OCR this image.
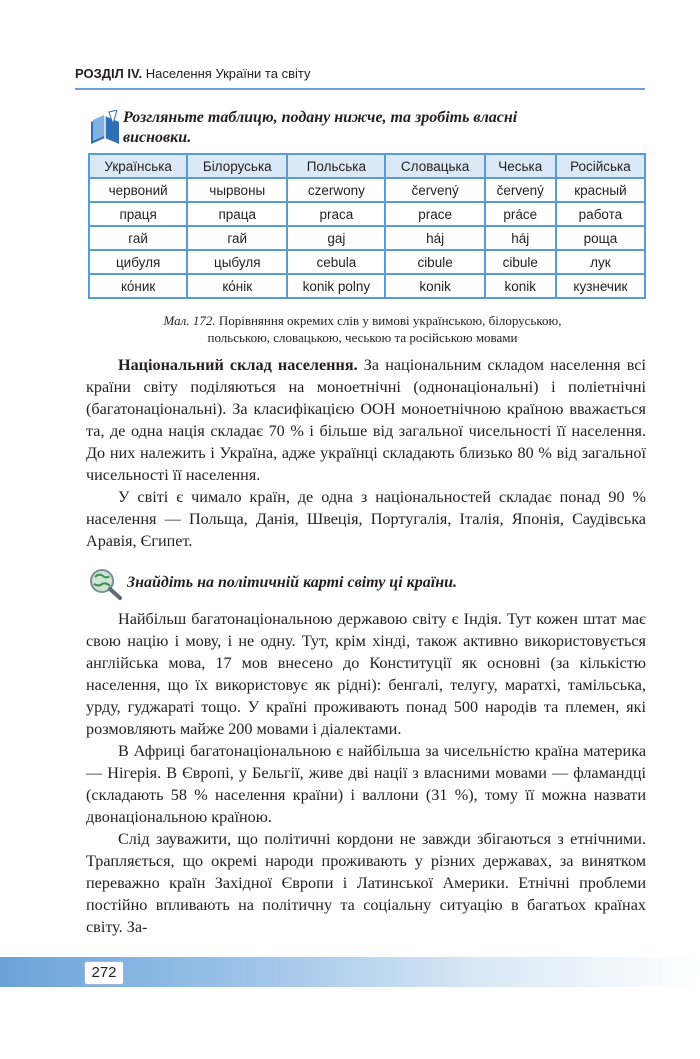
РОЗДІЛ IV. Населення України та світу
Розгляньте таблицю, подану нижче, та зробіть власні
висновки.
Українська	Білоруська	Польська	Словацька	Чеська	Російська
червоний	чырвоны	czerwony	červený	červený	красный
праця	праца	praca	prace	práce	работа
гай	гай	gaj	háj	háj	роща
цибуля	цыбуля	cebula	cibule	cibule	лук
кόник	кόнік	konik polny	konik	konik	кузнечик
Мал. 172. Порівняння окремих слів у вимові українською, білоруською,
польською, словацькою, чеською та російською мовами

Національний склад населення. За національним складом населення всі країни світу поділяються на моноетнічні (однонаціональні) і поліетнічні (багатонаціональні). За класифікацією ООН моноетнічною країною вважається та, де одна нація складає 70 % і більше від загальної чисельності її населення. До них належить і Україна, адже українці складають близько 80 % від загальної чисельності її населення.

У світі є чимало країн, де одна з національностей складає понад 90 % населення — Польща, Данія, Швеція, Португалія, Італія, Японія, Саудівська Аравія, Єгипет.

Знайдіть на політичній карті світу ці країни.

Найбільш багатонаціональною державою світу є Індія. Тут кожен штат має свою націю і мову, і не одну. Тут, крім хінді, також активно використовується англійська мова, 17 мов внесено до Конституції як основні (за кількістю населення, що їх використовує як рідні): бенгалі, телугу, маратхі, тамільська, урду, гуджараті тощо. У країні проживають понад 500 народів та племен, які розмовляють майже 200 мовами і діалектами.

В Африці багатонаціональною є найбільша за чисельністю країна материка — Нігерія. В Європі, у Бельгії, живе дві нації з власними мовами — фламандці (складають 58 % населення країни) і валлони (31 %), тому її можна назвати двонаціональною країною.

Слід зауважити, що політичні кордони не завжди збігаються з етнічними. Трапляється, що окремі народи проживають у різних державах, за винятком переважно країн Західної Європи і Латинської Америки. Етнічні проблеми постійно впливають на політичну та соціальну ситуацію в багатьох країнах світу. За-

272
